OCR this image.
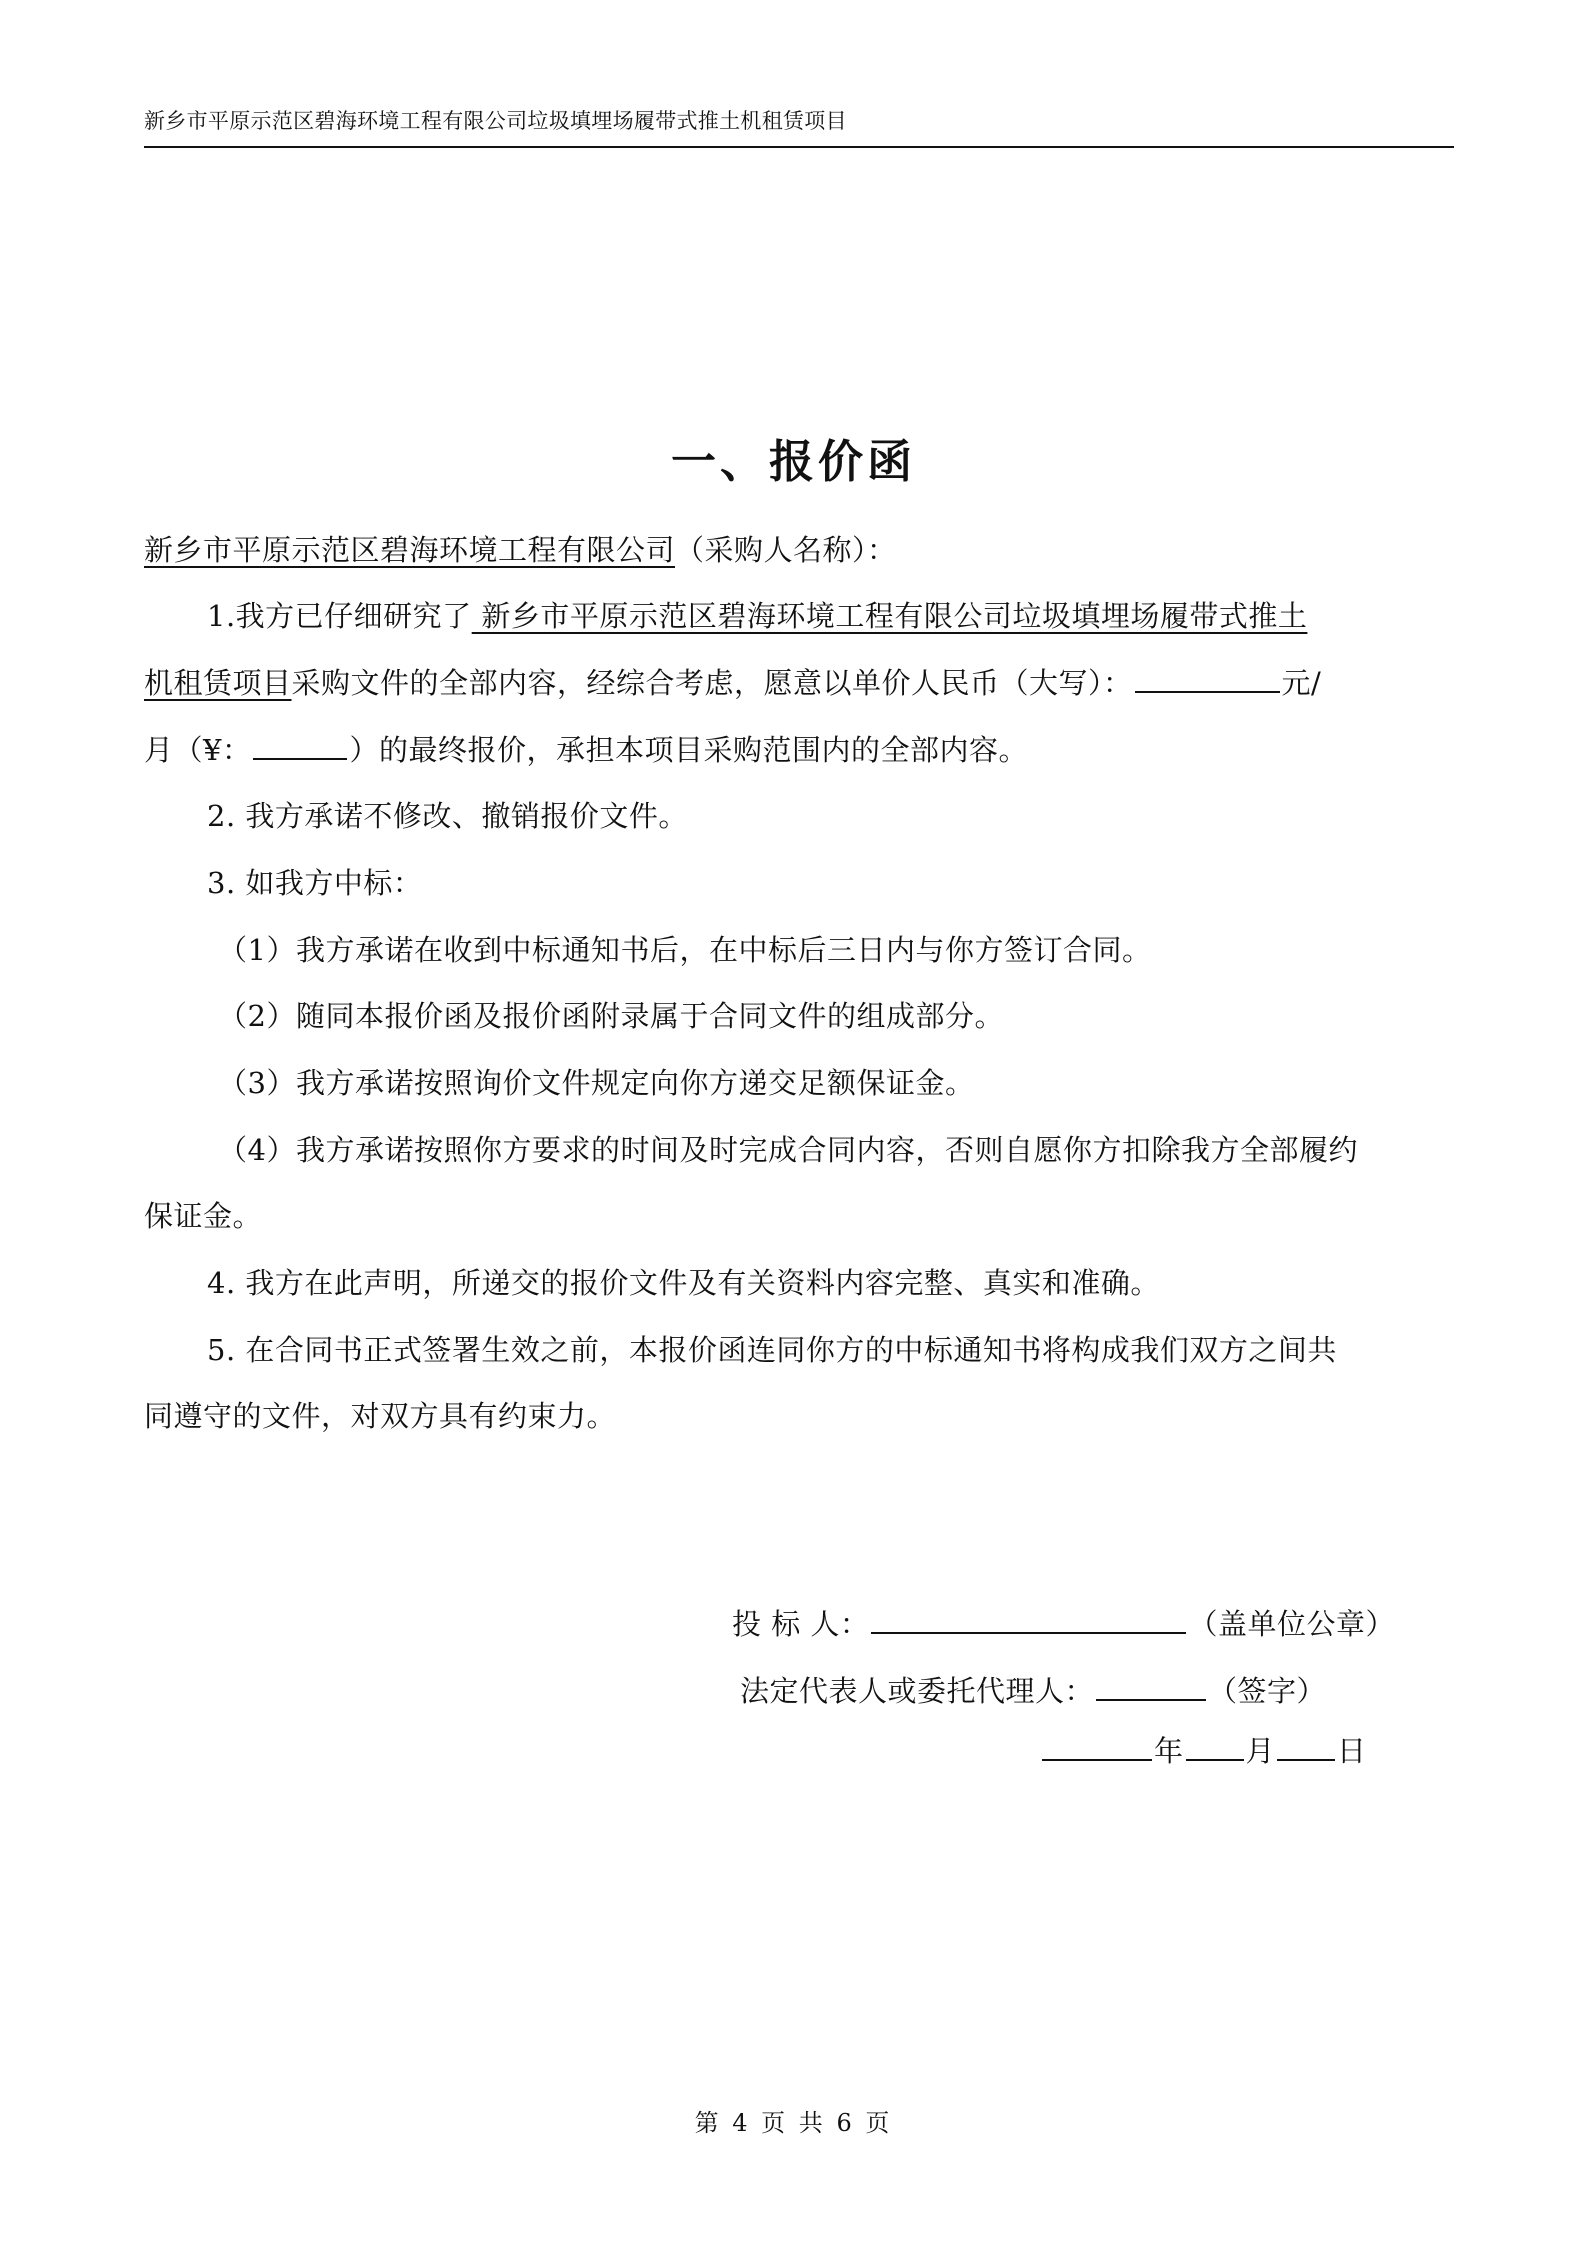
新乡市平原示范区碧海环境工程有限公司垃圾填埋场履带式推土机租赁项目
一、报价函
新乡市平原示范区碧海环境工程有限公司（采购人名称）：
1.我方已仔细研究了 新乡市平原示范区碧海环境工程有限公司垃圾填埋场履带式推土
机租赁项目采购文件的全部内容，经综合考虑，愿意以单价人民币（大写）：	元/
月（¥：	）的最终报价，承担本项目采购范围内的全部内容。
2. 我方承诺不修改、撤销报价文件。
3. 如我方中标：
（1）我方承诺在收到中标通知书后，在中标后三日内与你方签订合同。
（2）随同本报价函及报价函附录属于合同文件的组成部分。
（3）我方承诺按照询价文件规定向你方递交足额保证金。
（4）我方承诺按照你方要求的时间及时完成合同内容，否则自愿你方扣除我方全部履约
保证金。
4. 我方在此声明，所递交的报价文件及有关资料内容完整、真实和准确。
5. 在合同书正式签署生效之前，本报价函连同你方的中标通知书将构成我们双方之间共
同遵守的文件，对双方具有约束力。
投 标 人：	（盖单位公章）
法定代表人或委托代理人：	（签字）
年 月 日
第 4 页 共 6 页
